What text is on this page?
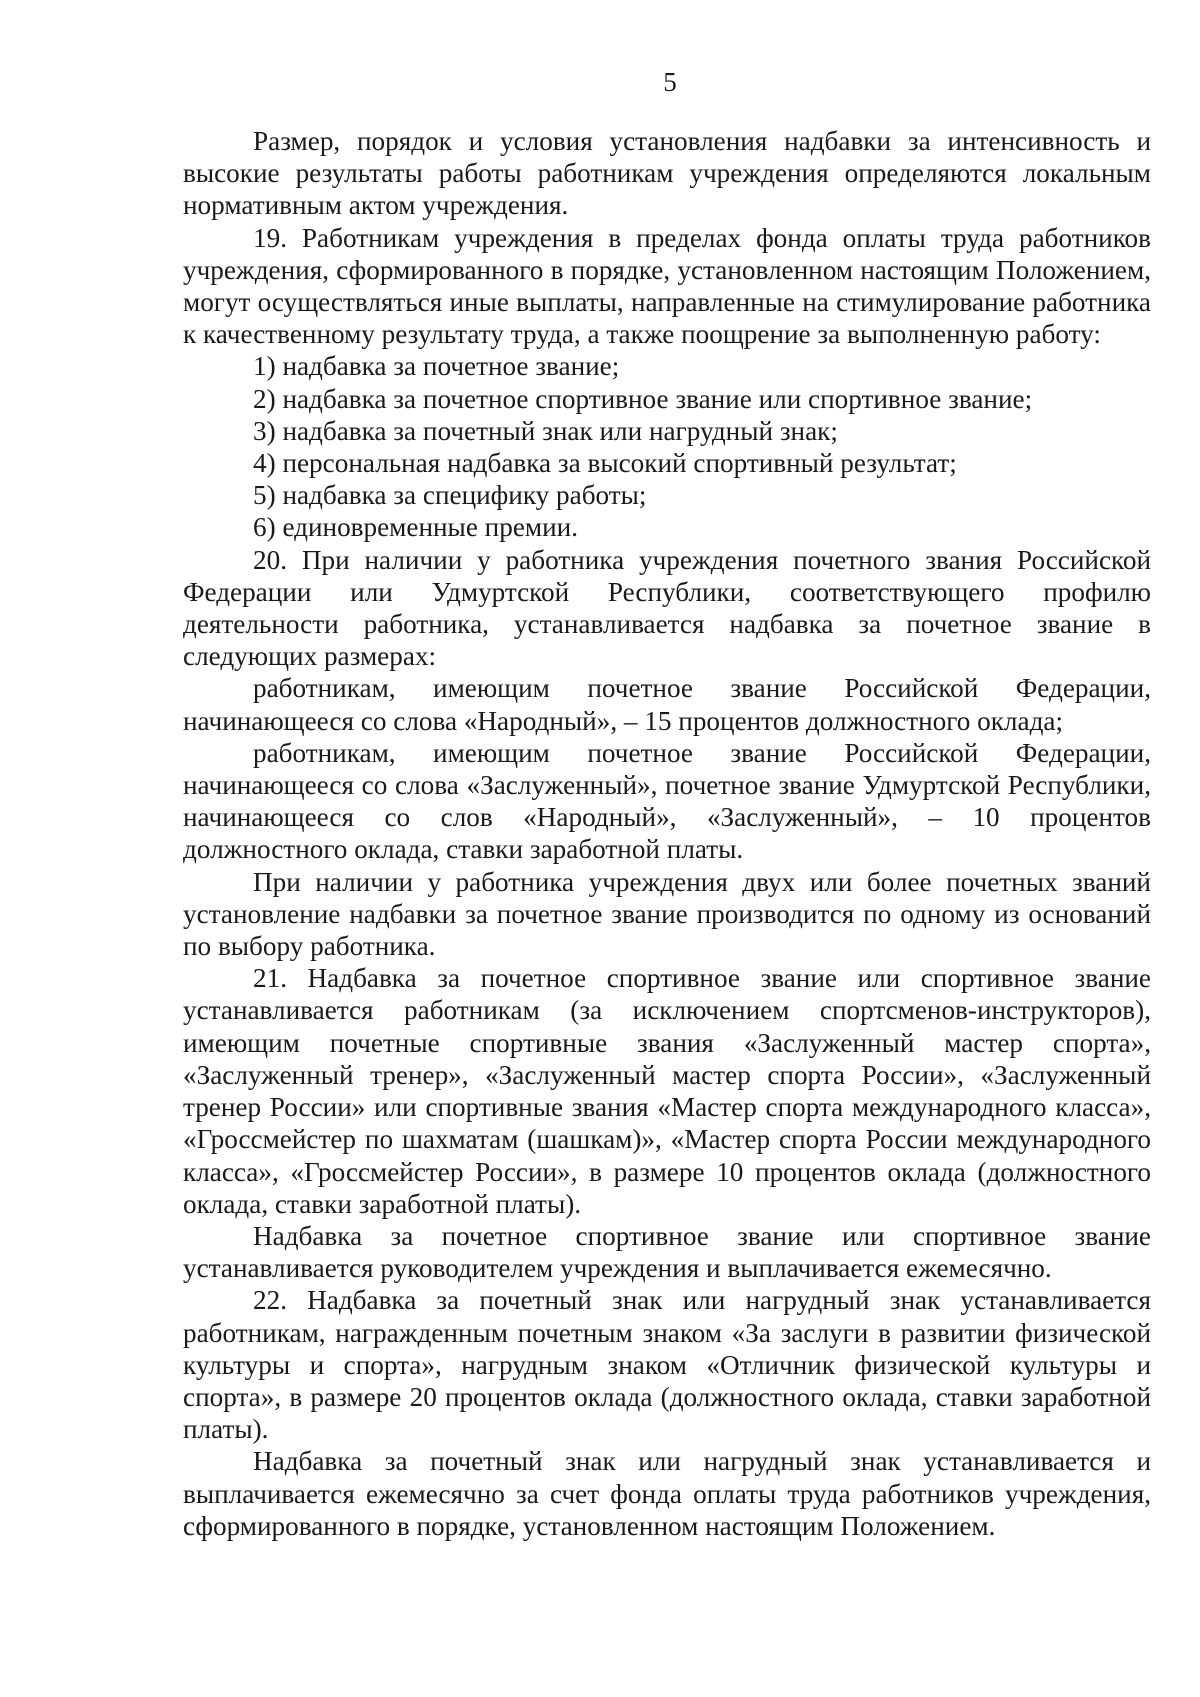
5

Размер, порядок и условия установления надбавки за интенсивность и высокие результаты работы работникам учреждения определяются локальным нормативным актом учреждения.

19. Работникам учреждения в пределах фонда оплаты труда работников учреждения, сформированного в порядке, установленном настоящим Положением, могут осуществляться иные выплаты, направленные на стимулирование работника к качественному результату труда, а также поощрение за выполненную работу:

1) надбавка за почетное звание;

2) надбавка за почетное спортивное звание или спортивное звание;

3) надбавка за почетный знак или нагрудный знак;

4) персональная надбавка за высокий спортивный результат;

5) надбавка за специфику работы;

6) единовременные премии.

20. При наличии у работника учреждения почетного звания Российской Федерации или Удмуртской Республики, соответствующего профилю деятельности работника, устанавливается надбавка за почетное звание в следующих размерах:

работникам, имеющим почетное звание Российской Федерации, начинающееся со слова «Народный», – 15 процентов должностного оклада;

работникам, имеющим почетное звание Российской Федерации, начинающееся со слова «Заслуженный», почетное звание Удмуртской Республики, начинающееся со слов «Народный», «Заслуженный», – 10 процентов должностного оклада, ставки заработной платы.

При наличии у работника учреждения двух или более почетных званий установление надбавки за почетное звание производится по одному из оснований по выбору работника.

21. Надбавка за почетное спортивное звание или спортивное звание устанавливается работникам (за исключением спортсменов-инструкторов), имеющим почетные спортивные звания «Заслуженный мастер спорта», «Заслуженный тренер», «Заслуженный мастер спорта России», «Заслуженный тренер России» или спортивные звания «Мастер спорта международного класса», «Гроссмейстер по шахматам (шашкам)», «Мастер спорта России международного класса», «Гроссмейстер России», в размере 10 процентов оклада (должностного оклада, ставки заработной платы).

Надбавка за почетное спортивное звание или спортивное звание устанавливается руководителем учреждения и выплачивается ежемесячно.

22. Надбавка за почетный знак или нагрудный знак устанавливается работникам, награжденным почетным знаком «За заслуги в развитии физической культуры и спорта», нагрудным знаком «Отличник физической культуры и спорта», в размере 20 процентов оклада (должностного оклада, ставки заработной платы).

Надбавка за почетный знак или нагрудный знак устанавливается и выплачивается ежемесячно за счет фонда оплаты труда работников учреждения, сформированного в порядке, установленном настоящим Положением.
